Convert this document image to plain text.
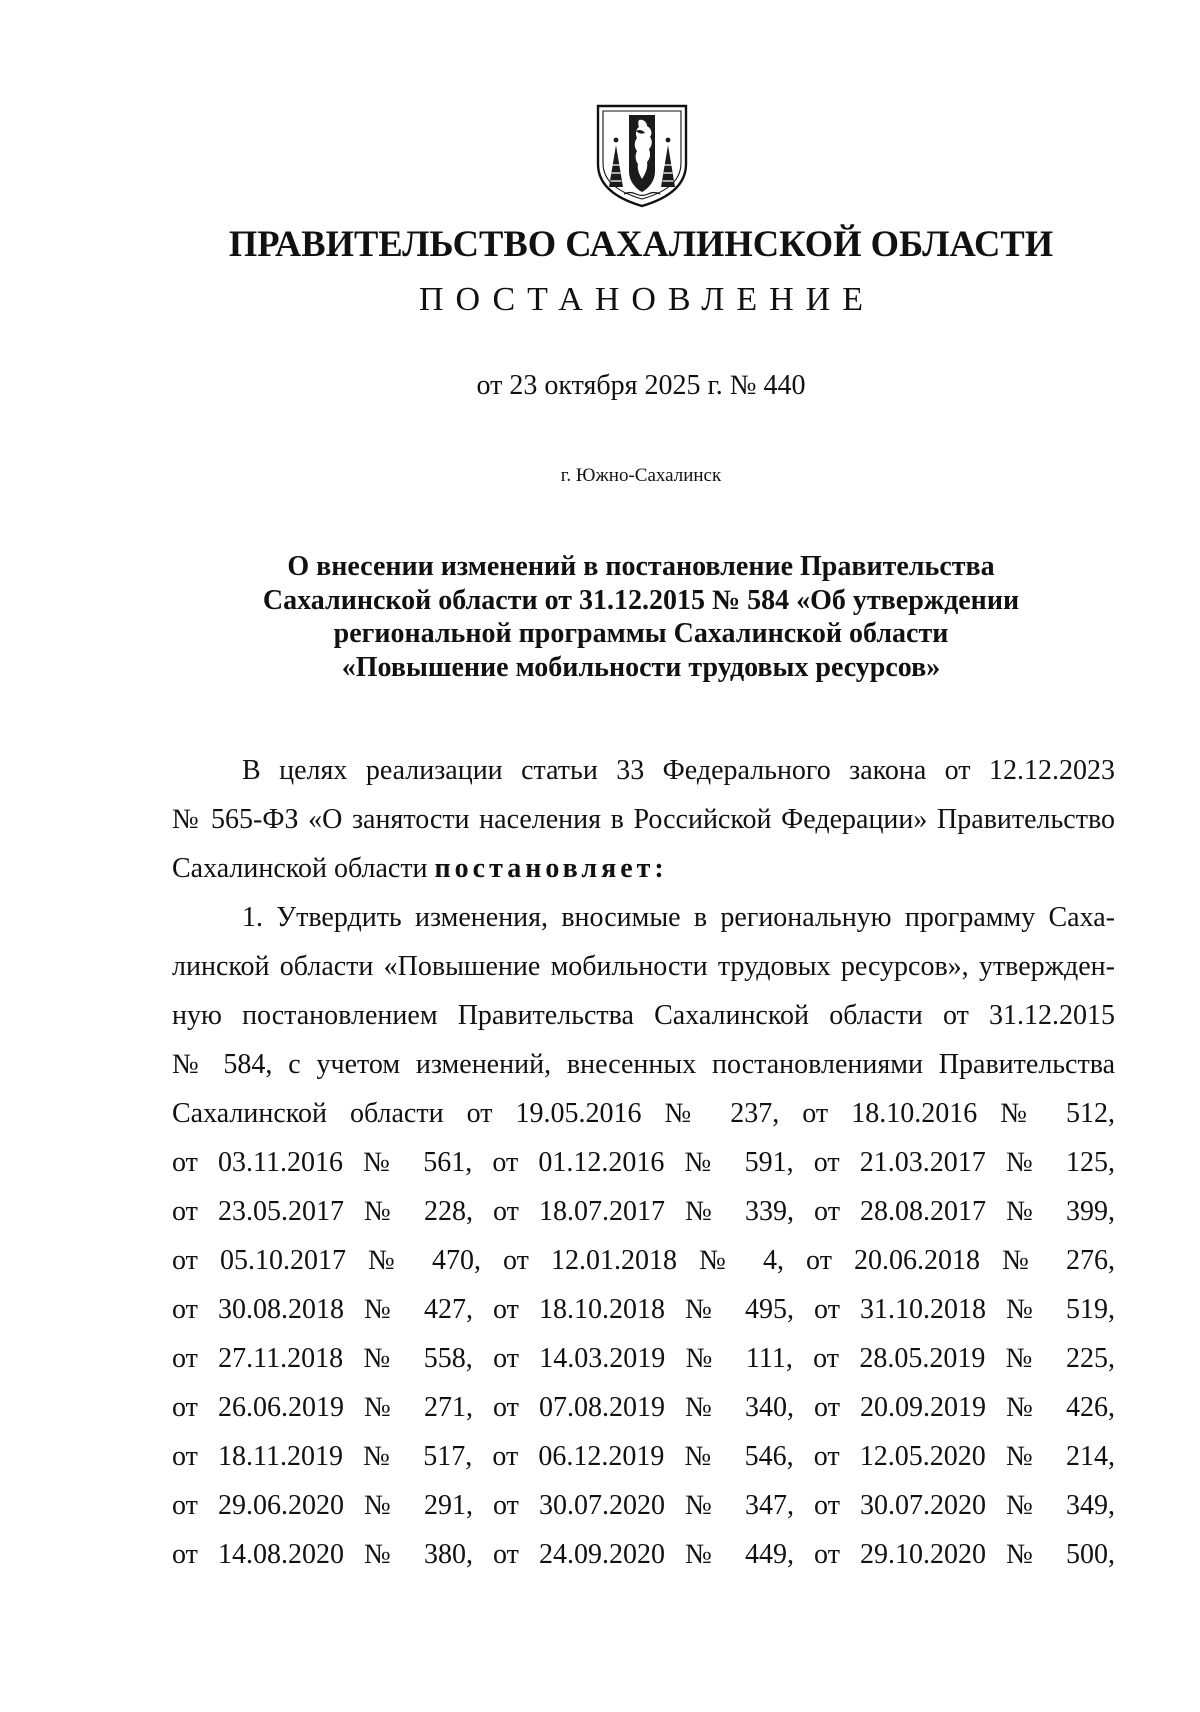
ПРАВИТЕЛЬСТВО САХАЛИНСКОЙ ОБЛАСТИ
ПОСТАНОВЛЕНИЕ
от 23 октября 2025 г. № 440
г. Южно-Сахалинск
О внесении изменений в постановление Правительства
Сахалинской области от 31.12.2015 № 584 «Об утверждении
региональной программы Сахалинской области
«Повышение мобильности трудовых ресурсов»
В целях реализации статьи 33 Федерального закона от 12.12.2023
№ 565-ФЗ «О занятости населения в Российской Федерации» Правительство
Сахалинской области постановляет:
1. Утвердить изменения, вносимые в региональную программу Саха-
линской области «Повышение мобильности трудовых ресурсов», утвержден-
ную постановлением Правительства Сахалинской области от 31.12.2015
№ 584, с учетом изменений, внесенных постановлениями Правительства
Сахалинской области от 19.05.2016 № 237, от 18.10.2016 № 512,
от 03.11.2016 № 561, от 01.12.2016 № 591, от 21.03.2017 № 125,
от 23.05.2017 № 228, от 18.07.2017 № 339, от 28.08.2017 № 399,
от 05.10.2017 № 470, от 12.01.2018 № 4, от 20.06.2018 № 276,
от 30.08.2018 № 427, от 18.10.2018 № 495, от 31.10.2018 № 519,
от 27.11.2018 № 558, от 14.03.2019 № 111, от 28.05.2019 № 225,
от 26.06.2019 № 271, от 07.08.2019 № 340, от 20.09.2019 № 426,
от 18.11.2019 № 517, от 06.12.2019 № 546, от 12.05.2020 № 214,
от 29.06.2020 № 291, от 30.07.2020 № 347, от 30.07.2020 № 349,
от 14.08.2020 № 380, от 24.09.2020 № 449, от 29.10.2020 № 500,
